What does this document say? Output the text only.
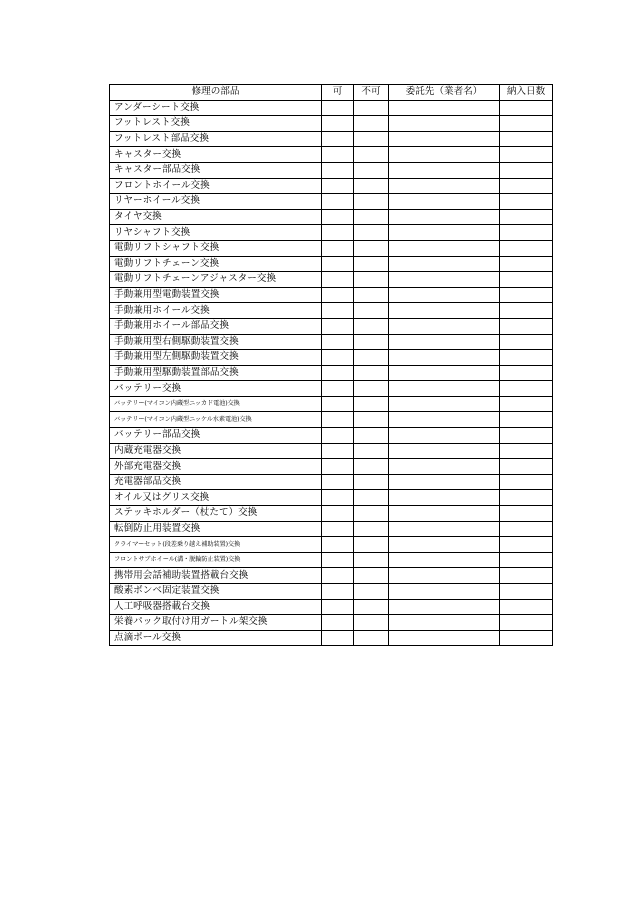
修理の部品	可	不可	委託先（業者名）	納入日数
アンダーシート交換				
フットレスト交換				
フットレスト部品交換				
キャスター交換				
キャスター部品交換				
フロントホイール交換				
リヤーホイール交換				
タイヤ交換				
リヤシャフト交換				
電動リフトシャフト交換				
電動リフトチェーン交換				
電動リフトチェーンアジャスター交換				
手動兼用型電動装置交換				
手動兼用ホイール交換				
手動兼用ホイール部品交換				
手動兼用型右側駆動装置交換				
手動兼用型左側駆動装置交換				
手動兼用型駆動装置部品交換				
バッテリー交換				
バッテリー(マイコン内蔵型ニッカド電池)交換				
バッテリー(マイコン内蔵型ニッケル水素電池)交換				
バッテリー部品交換				
内蔵充電器交換				
外部充電器交換				
充電器部品交換				
オイル又はグリス交換				
ステッキホルダー（杖たて）交換				
転倒防止用装置交換				
クライマーセット(段差乗り越え補助装置)交換				
フロントサブホイール(溝・脱輪防止装置)交換				
携帯用会話補助装置搭載台交換				
酸素ボンベ固定装置交換				
人工呼吸器搭載台交換				
栄養パック取付け用ガートル架交換				
点滴ポール交換				
